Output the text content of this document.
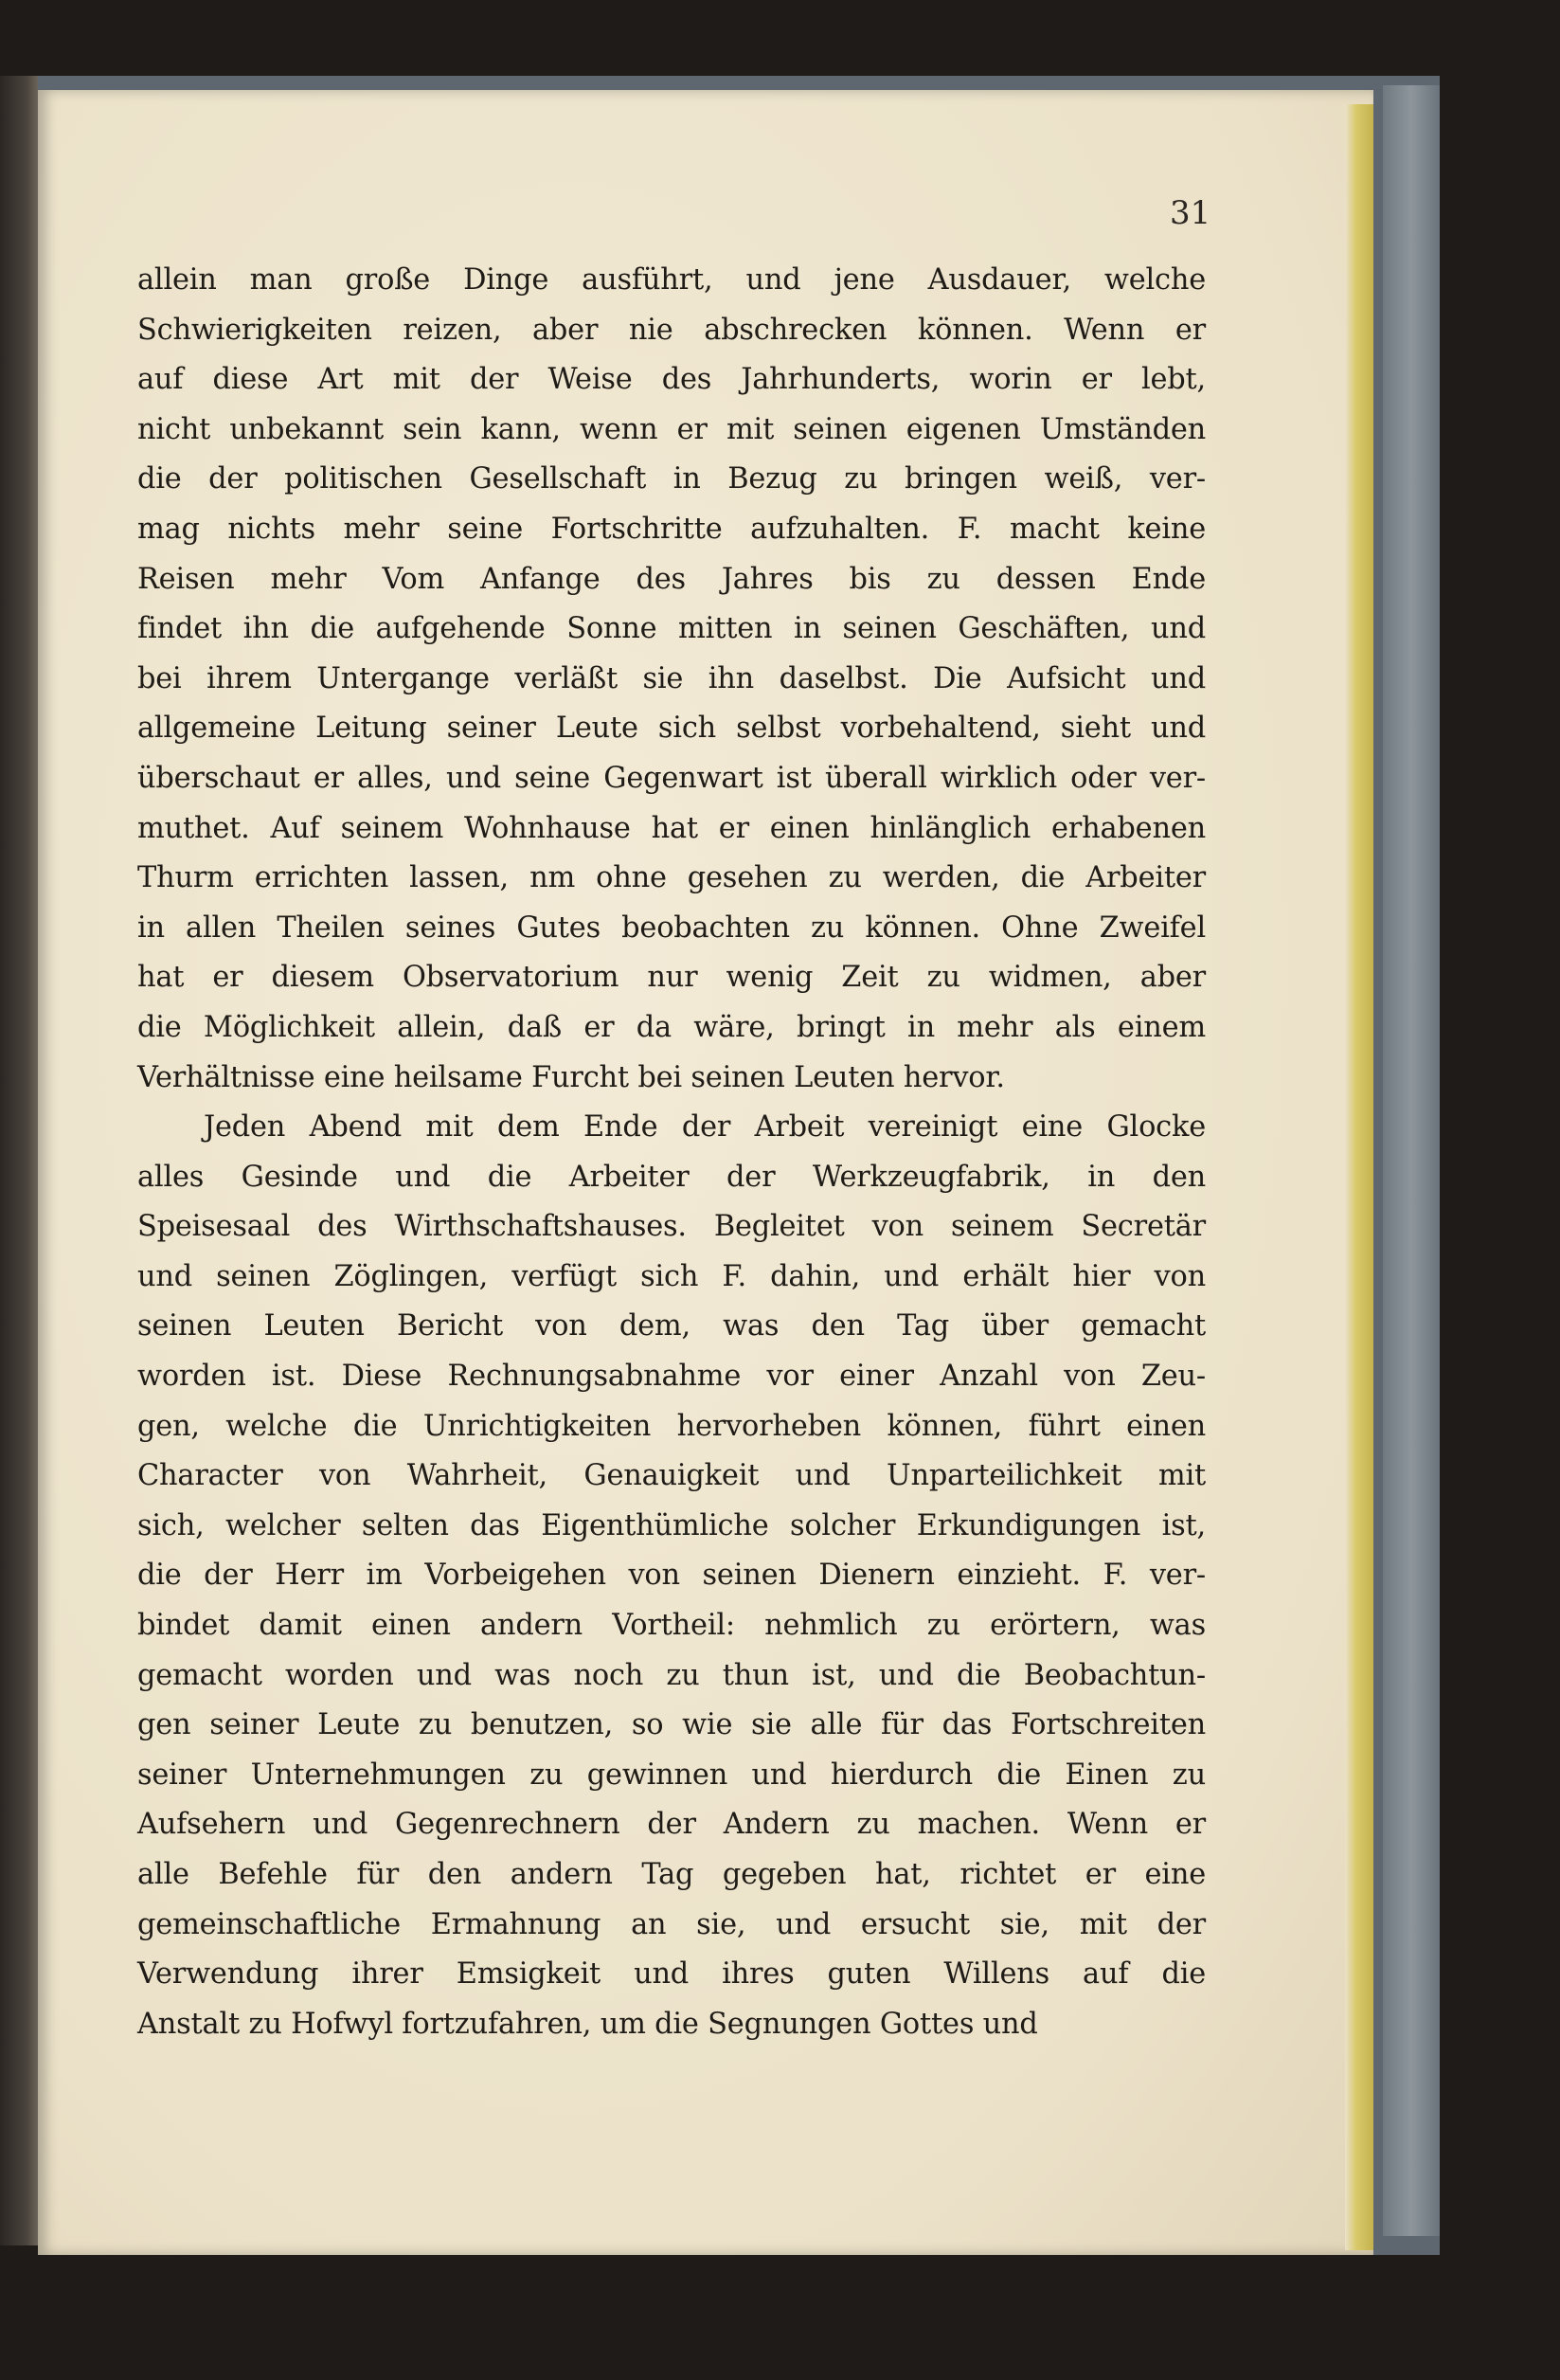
31
allein man große Dinge ausführt, und jene Ausdauer, welche
Schwierigkeiten reizen, aber nie abschrecken können. Wenn er
auf diese Art mit der Weise des Jahrhunderts, worin er lebt,
nicht unbekannt sein kann, wenn er mit seinen eigenen Umständen
die der politischen Gesellschaft in Bezug zu bringen weiß, ver-
mag nichts mehr seine Fortschritte aufzuhalten. F. macht keine
Reisen mehr Vom Anfange des Jahres bis zu dessen Ende
findet ihn die aufgehende Sonne mitten in seinen Geschäften, und
bei ihrem Untergange verläßt sie ihn daselbst. Die Aufsicht und
allgemeine Leitung seiner Leute sich selbst vorbehaltend, sieht und
überschaut er alles, und seine Gegenwart ist überall wirklich oder ver-
muthet. Auf seinem Wohnhause hat er einen hinlänglich erhabenen
Thurm errichten lassen, nm ohne gesehen zu werden, die Arbeiter
in allen Theilen seines Gutes beobachten zu können. Ohne Zweifel
hat er diesem Observatorium nur wenig Zeit zu widmen, aber
die Möglichkeit allein, daß er da wäre, bringt in mehr als einem
Verhältnisse eine heilsame Furcht bei seinen Leuten hervor.
Jeden Abend mit dem Ende der Arbeit vereinigt eine Glocke
alles Gesinde und die Arbeiter der Werkzeugfabrik, in den
Speisesaal des Wirthschaftshauses. Begleitet von seinem Secretär
und seinen Zöglingen, verfügt sich F. dahin, und erhält hier von
seinen Leuten Bericht von dem, was den Tag über gemacht
worden ist. Diese Rechnungsabnahme vor einer Anzahl von Zeu-
gen, welche die Unrichtigkeiten hervorheben können, führt einen
Character von Wahrheit, Genauigkeit und Unparteilichkeit mit
sich, welcher selten das Eigenthümliche solcher Erkundigungen ist,
die der Herr im Vorbeigehen von seinen Dienern einzieht. F. ver-
bindet damit einen andern Vortheil: nehmlich zu erörtern, was
gemacht worden und was noch zu thun ist, und die Beobachtun-
gen seiner Leute zu benutzen, so wie sie alle für das Fortschreiten
seiner Unternehmungen zu gewinnen und hierdurch die Einen zu
Aufsehern und Gegenrechnern der Andern zu machen. Wenn er
alle Befehle für den andern Tag gegeben hat, richtet er eine
gemeinschaftliche Ermahnung an sie, und ersucht sie, mit der
Verwendung ihrer Emsigkeit und ihres guten Willens auf die
Anstalt zu Hofwyl fortzufahren, um die Segnungen Gottes und
